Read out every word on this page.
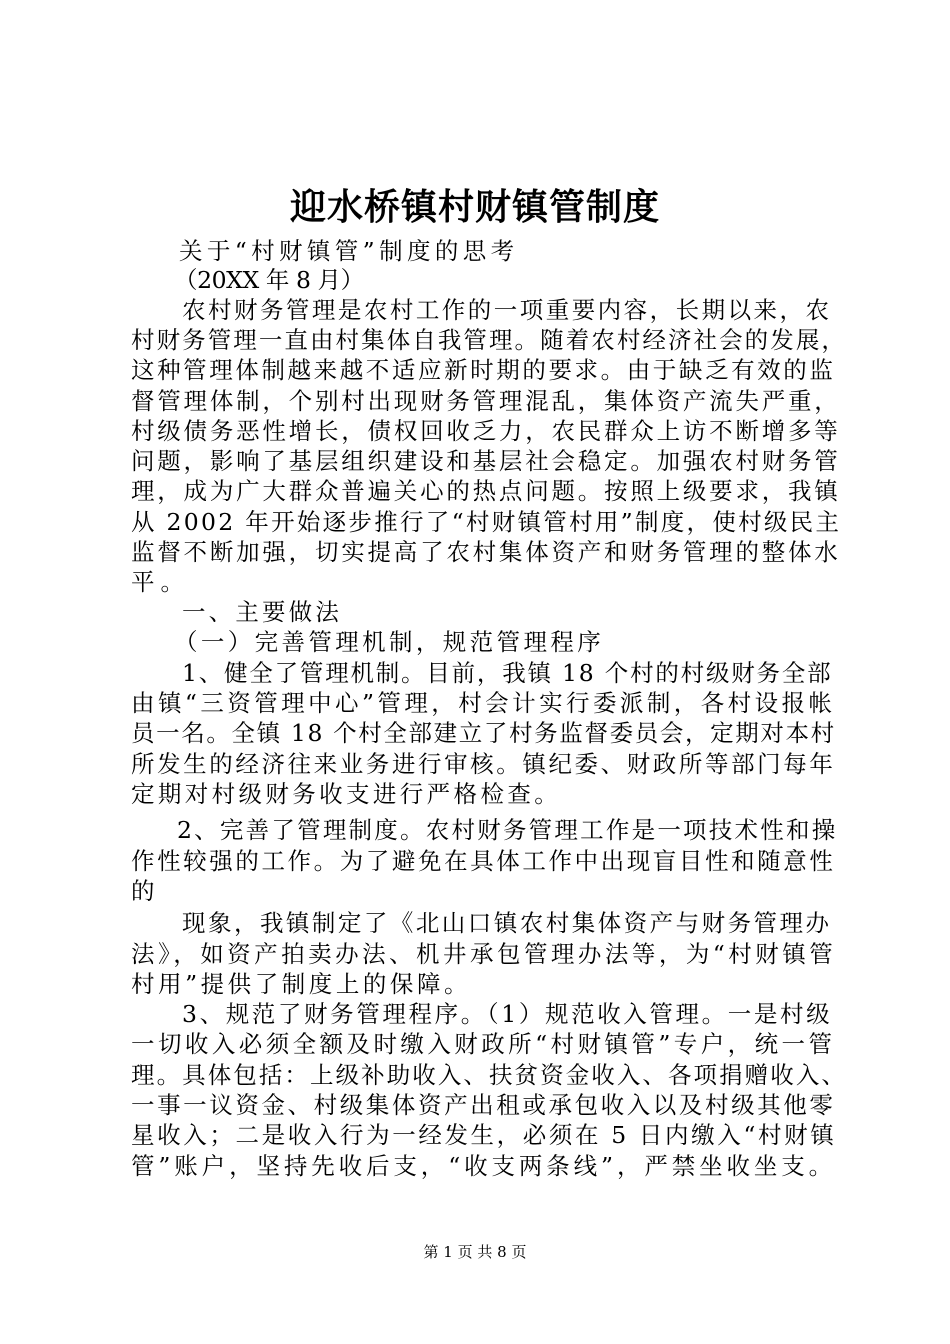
迎水桥镇村财镇管制度
关于“村财镇管”制度的思考
（20XX 年 8 月）
农村财务管理是农村工作的一项重要内容，长期以来，农
村财务管理一直由村集体自我管理。随着农村经济社会的发展，
这种管理体制越来越不适应新时期的要求。由于缺乏有效的监
督管理体制，个别村出现财务管理混乱，集体资产流失严重，
村级债务恶性增长，债权回收乏力，农民群众上访不断增多等
问题，影响了基层组织建设和基层社会稳定。加强农村财务管
理，成为广大群众普遍关心的热点问题。按照上级要求，我镇
从 2002 年开始逐步推行了“村财镇管村用”制度，使村级民主
监督不断加强，切实提高了农村集体资产和财务管理的整体水
平。
一、主要做法
（一）完善管理机制，规范管理程序
1、健全了管理机制。目前，我镇 18 个村的村级财务全部
由镇“三资管理中心”管理，村会计实行委派制，各村设报帐
员一名。全镇 18 个村全部建立了村务监督委员会，定期对本村
所发生的经济往来业务进行审核。镇纪委、财政所等部门每年
定期对村级财务收支进行严格检查。
2、完善了管理制度。农村财务管理工作是一项技术性和操
作性较强的工作。为了避免在具体工作中出现盲目性和随意性
的
现象，我镇制定了《北山口镇农村集体资产与财务管理办
法》，如资产拍卖办法、机井承包管理办法等，为“村财镇管
村用”提供了制度上的保障。
3、规范了财务管理程序。（1）规范收入管理。一是村级
一切收入必须全额及时缴入财政所“村财镇管”专户，统一管
理。具体包括：上级补助收入、扶贫资金收入、各项捐赠收入、
一事一议资金、村级集体资产出租或承包收入以及村级其他零
星收入；二是收入行为一经发生，必须在 5 日内缴入“村财镇
管”账户，坚持先收后支，“收支两条线”，严禁坐收坐支。
第 1 页 共 8 页
